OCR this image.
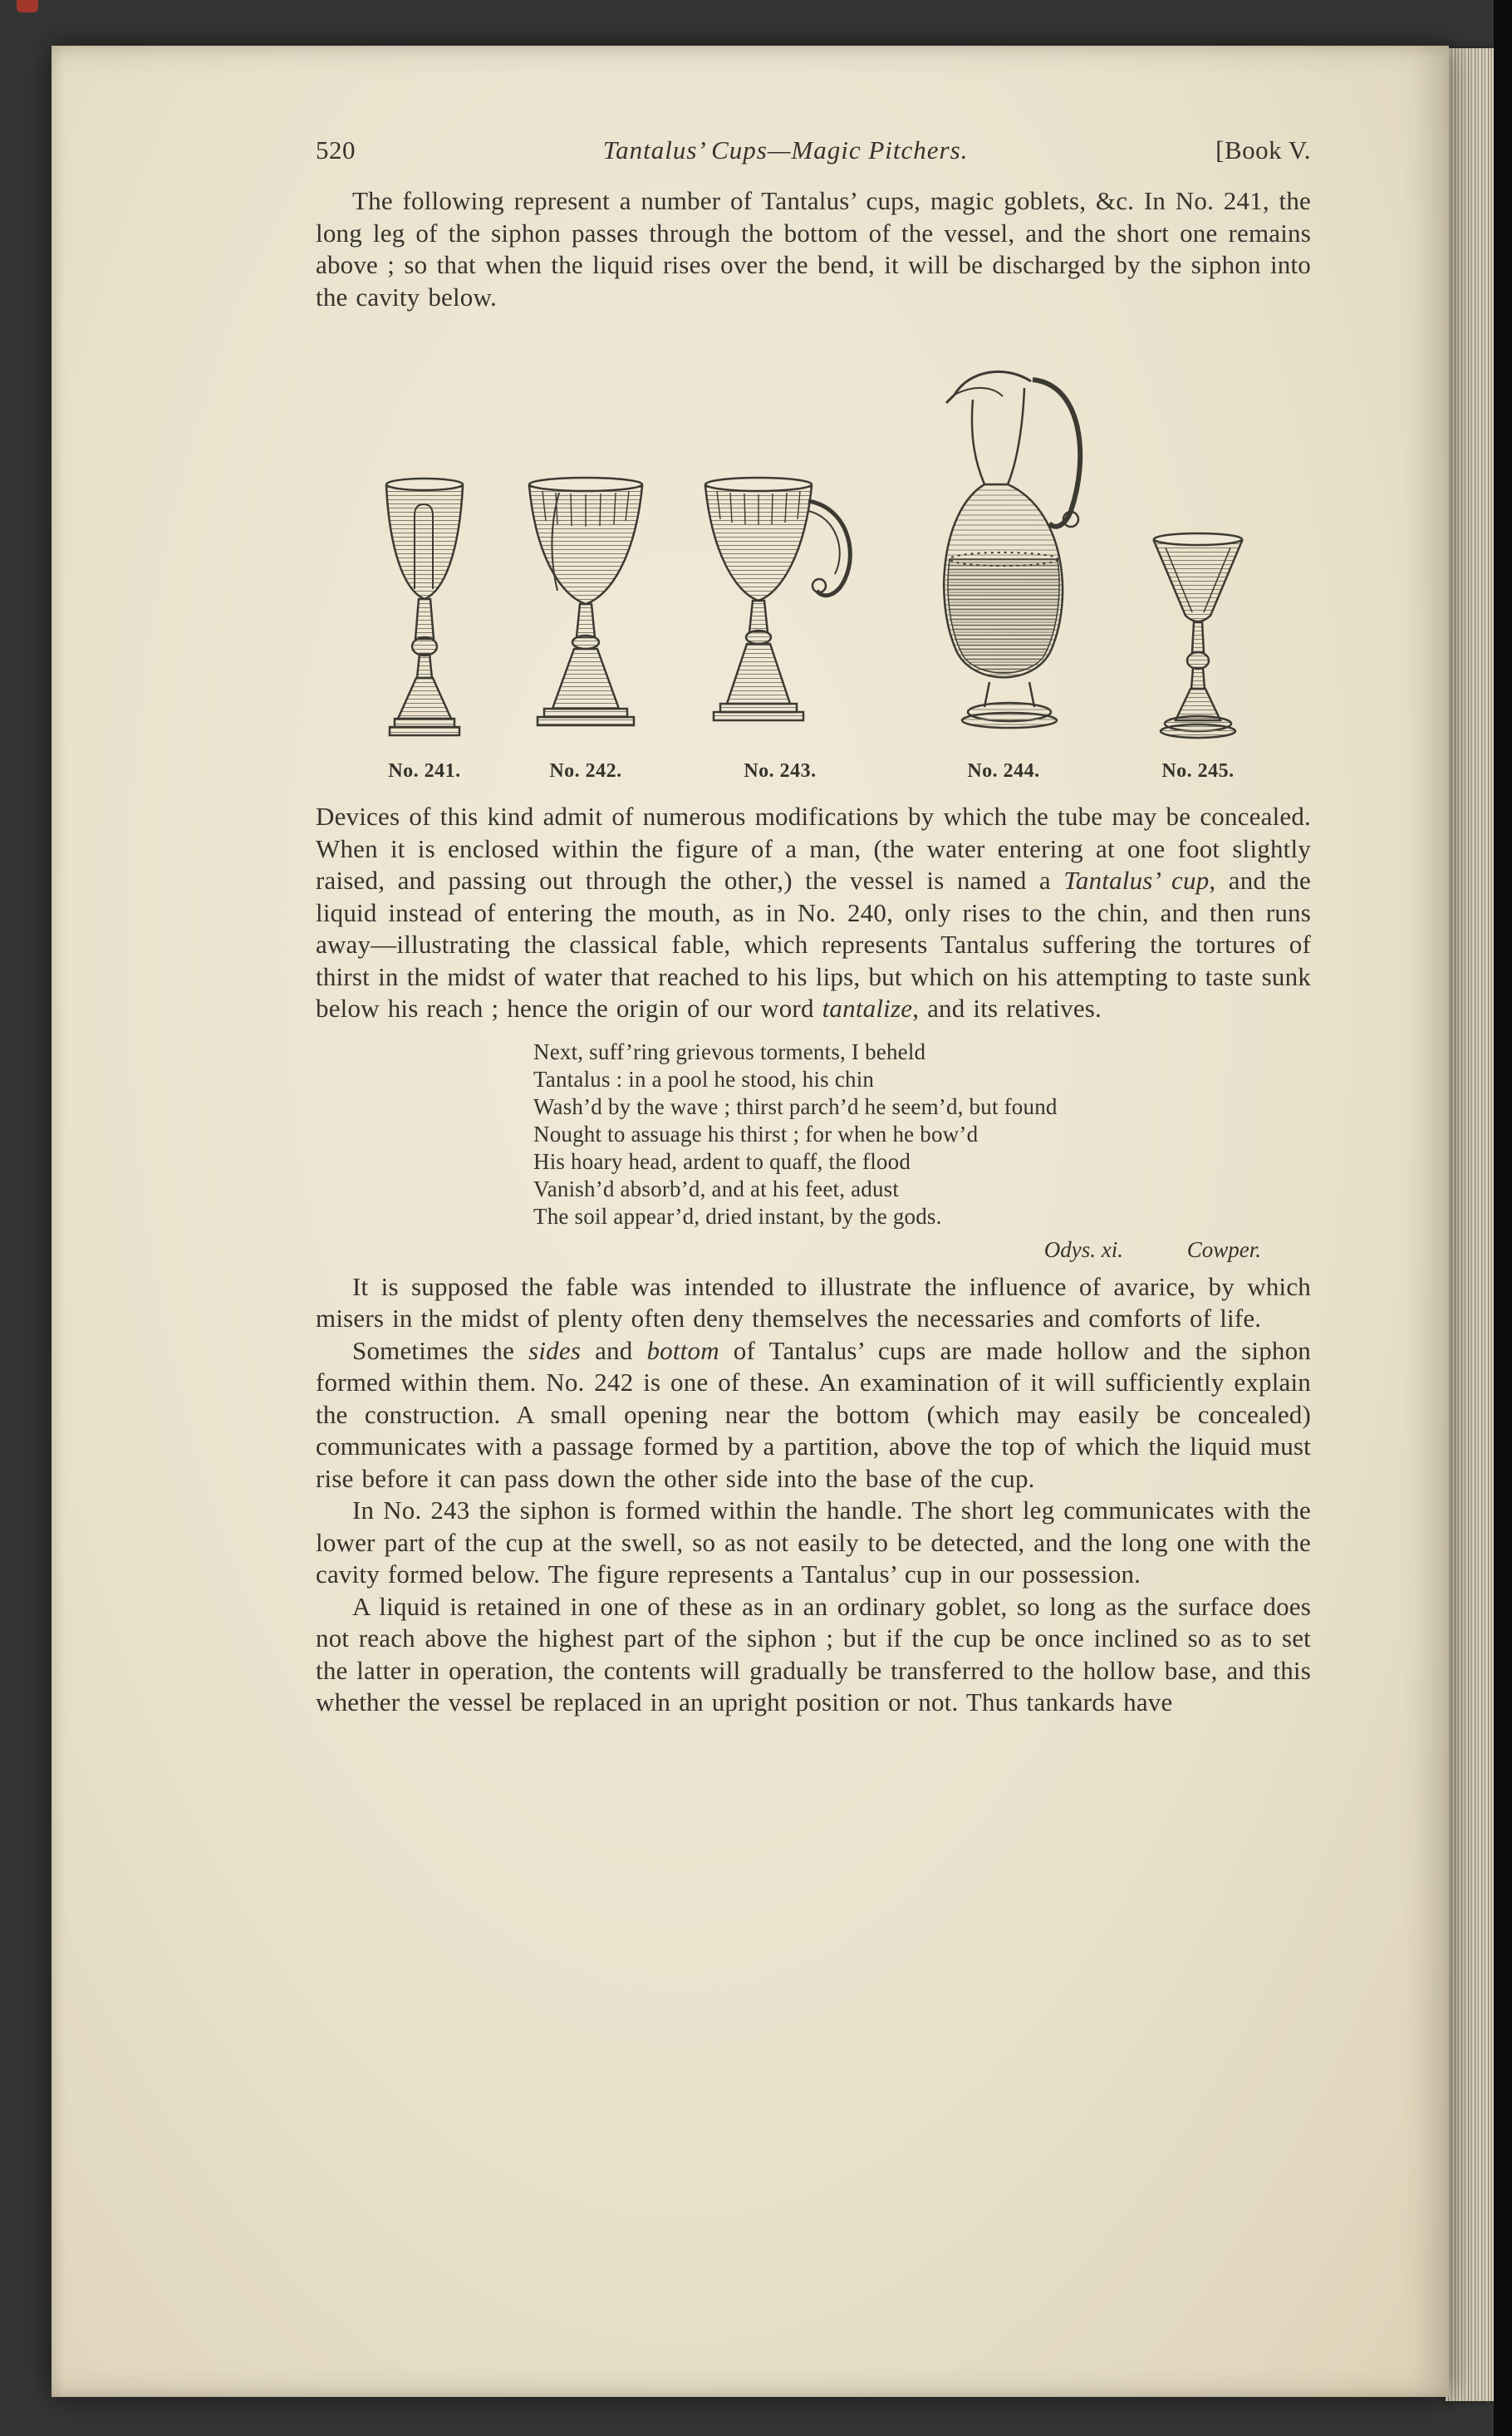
520	Tantalus’ Cups—Magic Pitchers.	[Book V.

The following represent a number of Tantalus’ cups, magic goblets, &c. In No. 241, the long leg of the siphon passes through the bottom of the vessel, and the short one remains above ; so that when the liquid rises over the bend, it will be discharged by the siphon into the cavity below.

No. 241.	No. 242.	No. 243.	No. 244.	No. 245.

Devices of this kind admit of numerous modifications by which the tube may be concealed. When it is enclosed within the figure of a man, (the water entering at one foot slightly raised, and passing out through the other,) the vessel is named a Tantalus’ cup, and the liquid instead of entering the mouth, as in No. 240, only rises to the chin, and then runs away—illustrating the classical fable, which represents Tantalus suffering the tortures of thirst in the midst of water that reached to his lips, but which on his attempting to taste sunk below his reach ; hence the origin of our word tantalize, and its relatives.

Next, suff’ring grievous torments, I beheld
Tantalus : in a pool he stood, his chin
Wash’d by the wave ; thirst parch’d he seem’d, but found
Nought to assuage his thirst ; for when he bow’d
His hoary head, ardent to quaff, the flood
Vanish’d absorb’d, and at his feet, adust
The soil appear’d, dried instant, by the gods.
Odys. xi.	Cowper.

It is supposed the fable was intended to illustrate the influence of avarice, by which misers in the midst of plenty often deny themselves the necessaries and comforts of life.

Sometimes the sides and bottom of Tantalus’ cups are made hollow and the siphon formed within them. No. 242 is one of these. An examination of it will sufficiently explain the construction. A small opening near the bottom (which may easily be concealed) communicates with a passage formed by a partition, above the top of which the liquid must rise before it can pass down the other side into the base of the cup.

In No. 243 the siphon is formed within the handle. The short leg communicates with the lower part of the cup at the swell, so as not easily to be detected, and the long one with the cavity formed below. The figure represents a Tantalus’ cup in our possession.

A liquid is retained in one of these as in an ordinary goblet, so long as the surface does not reach above the highest part of the siphon ; but if the cup be once inclined so as to set the latter in operation, the contents will gradually be transferred to the hollow base, and this whether the vessel be replaced in an upright position or not. Thus tankards have
